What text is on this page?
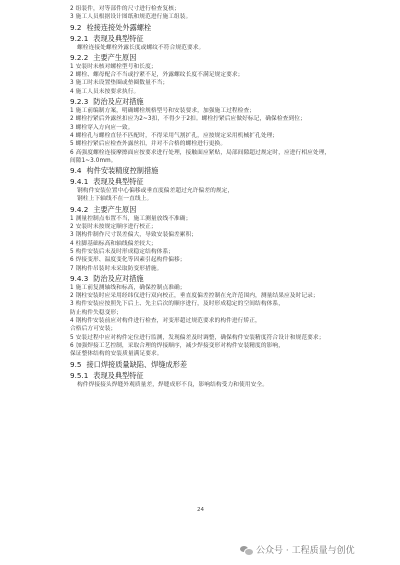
2 组装件，对等部件的尺寸进行检查复核；
3 施工人员根据设计图纸和规范进行施工组装。
9.2 栓接连接处外露螺栓
9.2.1 表现及典型特征
螺栓连接处螺栓外露长度或螺纹不符合规范要求。
9.2.2 主要产生原因
1 安装时未核对螺栓型号和长度；
2 螺栓、螺母配合不当或拧紧不足，外露螺纹长度不满足规定要求；
3 施工时未设置垫圈或垫圈数量不当；
4 施工人员未按要求执行。
9.2.3 防治及应对措施
1 施工前编制方案，明确螺栓规格型号和安装要求，加强施工过程检查；
2 螺栓拧紧后外露丝扣应为2~3扣，不得少于2扣。螺栓拧紧后应做好标记，确保检查到位；
3 螺栓穿入方向应一致。
4 螺栓孔与螺栓直径不匹配时，不得采用气割扩孔，应按规定采用机械扩孔处理；
5 螺栓拧紧后应检查外露丝扣，并对不合格的螺栓进行更换。
6 高强度螺栓连接摩擦面应按要求进行处理，接触面应紧贴，局部间隙超过规定时，应进行相应处理，
间隙1~3.0mm。
9.4 构件安装精度控制措施
9.4.1 表现及典型特征
钢构件安装位置中心偏移或垂直度偏差超过允许偏差的规定，
钢柱上下轴线不在一直线上。
9.4.2 主要产生原因
1 测量控制点布置不当，施工测量放线不准确；
2 安装时未按规定顺序进行校正；
3 钢构件制作尺寸误差偏大，导致安装偏差累积；
4 柱脚基础标高和轴线偏差较大；
5 构件安装后未及时形成稳定结构体系；
6 焊接变形、温度变化等因素引起构件偏移；
7 钢构件吊装时未采取防变形措施。
9.4.3 防治及应对措施
1 施工前复测轴线和标高，确保控制点准确；
2 钢柱安装时应采用经纬仪进行双向校正，垂直度偏差控制在允许范围内，测量结果应及时记录；
3 构件安装应按照先下后上、先主后次的顺序进行，及时形成稳定的空间结构体系，
防止构件失稳变形；
4 钢构件安装前应对构件进行检查，对变形超过规范要求的构件进行矫正，
合格后方可安装；
5 安装过程中应对构件定位进行监测，发现偏差及时调整，确保构件安装精度符合设计和规范要求；
6 加强焊接工艺控制，采取合理的焊接顺序，减少焊接变形对构件安装精度的影响，
保证整体结构的安装质量满足要求。
9.5 接口焊接质量缺陷、焊缝成形差
9.5.1 表现及典型特征
构件焊接接头焊缝外观质量差，焊缝成形不良，影响结构受力和使用安全。
24
公众号 · 工程质量与创优
